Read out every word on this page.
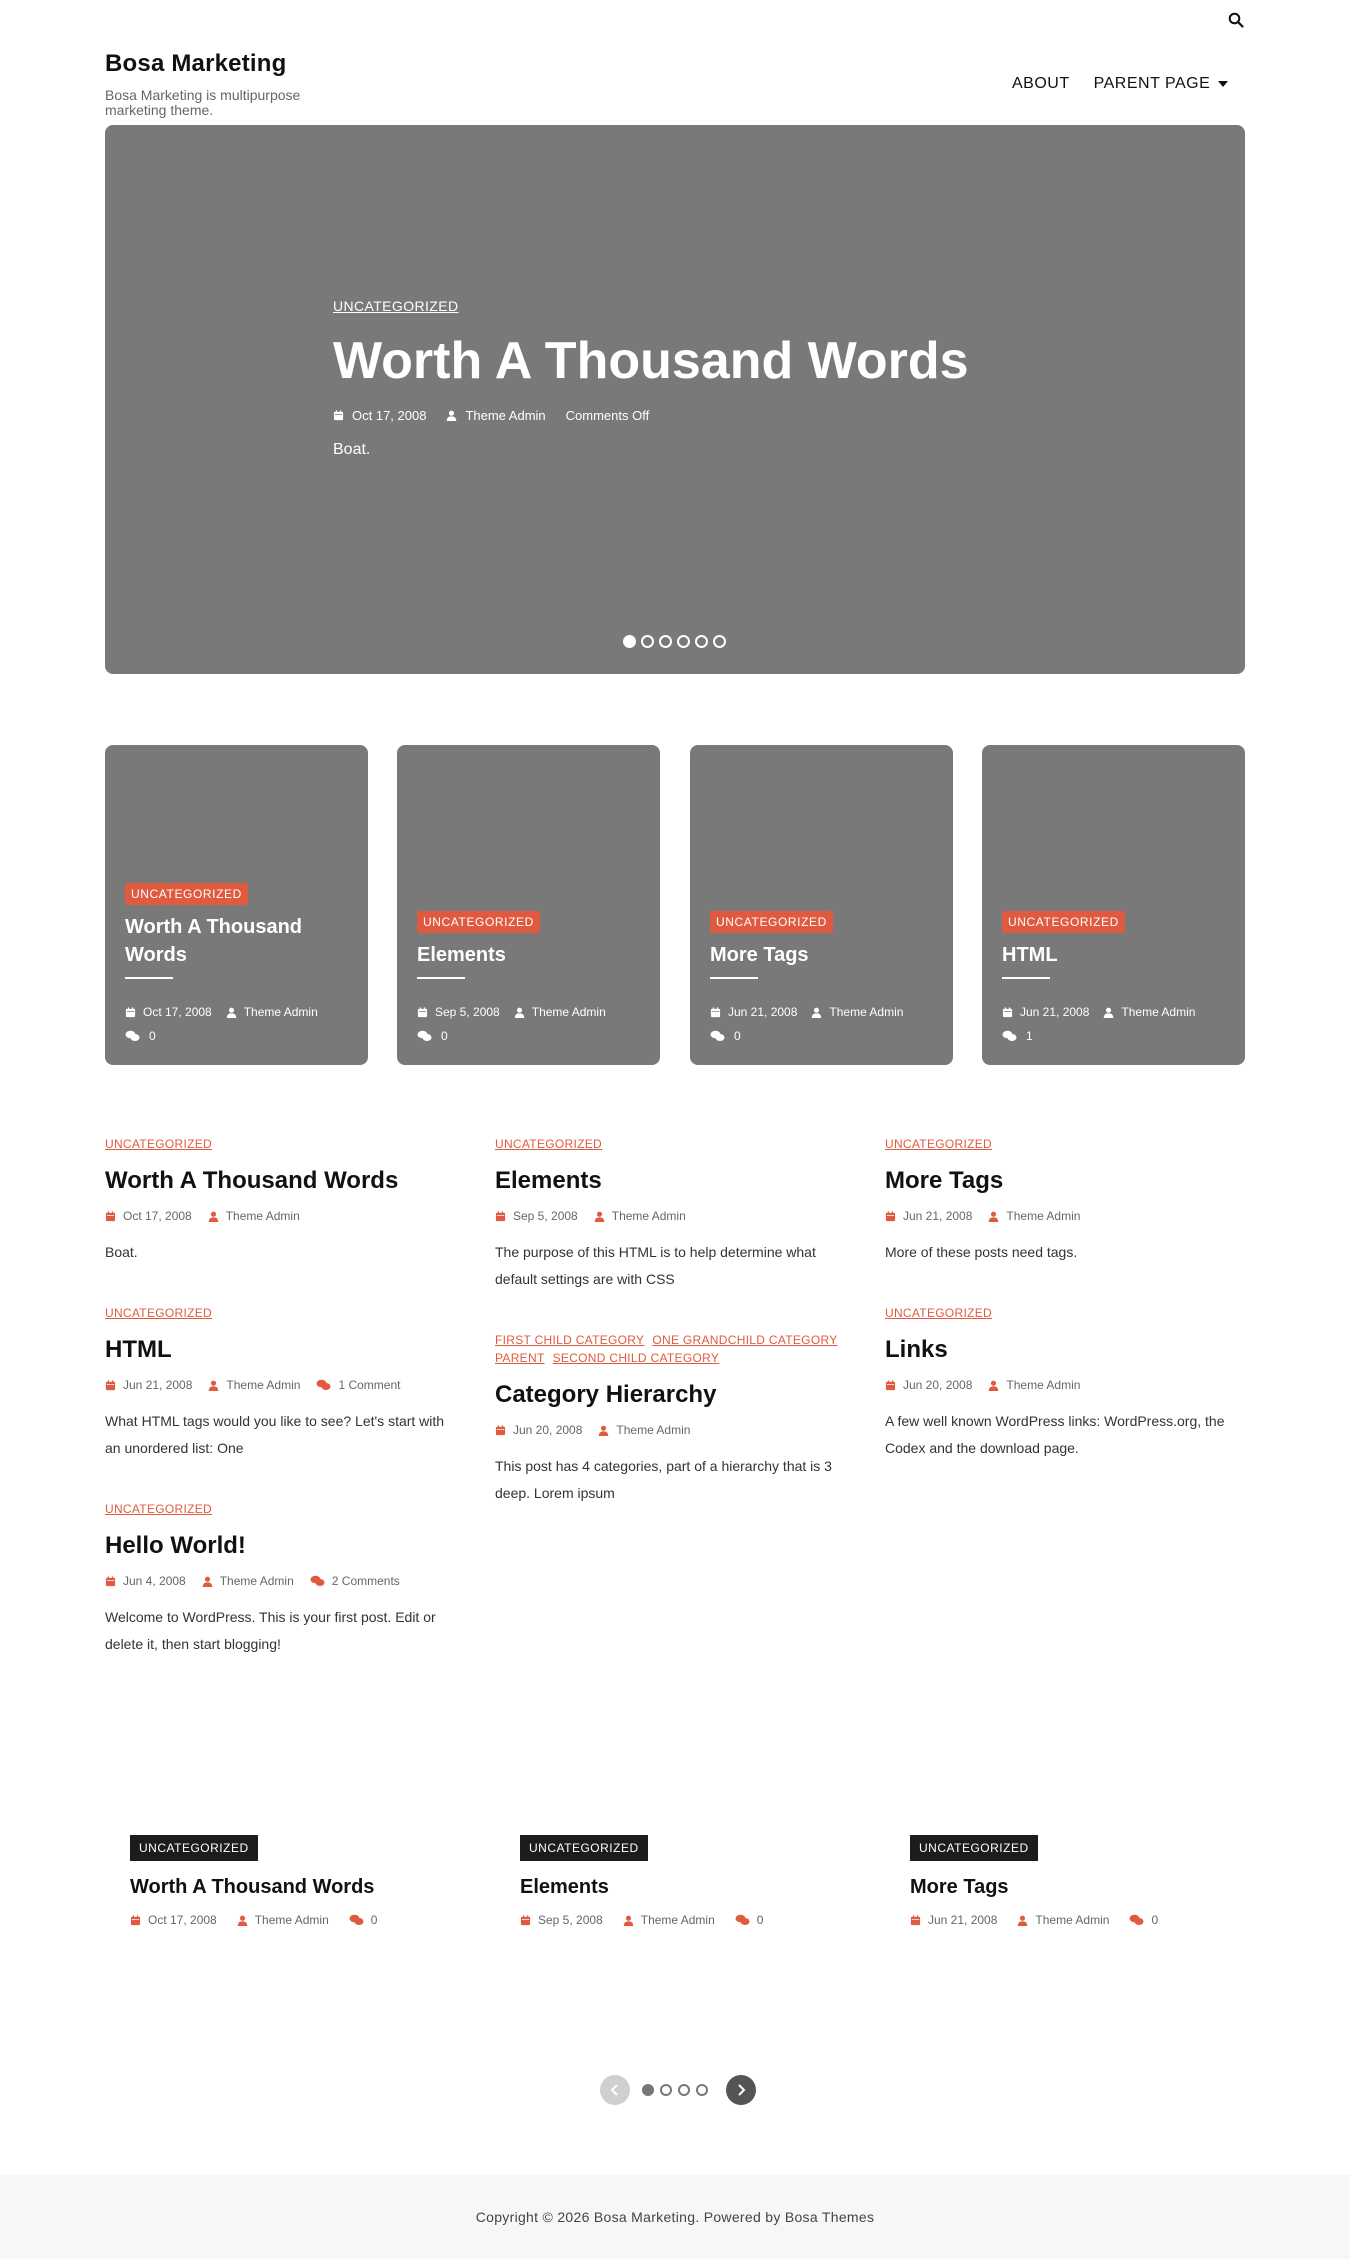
Bosa Marketing
Bosa Marketing is multipurpose marketing theme.
ABOUT PARENT PAGE
UNCATEGORIZED
Worth A Thousand Words
Oct 17, 2008	Theme Admin Comments Off
Boat.
UNCATEGORIZED
Worth A Thousand Words
Oct 17, 2008	Theme Admin
0
UNCATEGORIZED
Elements
Sep 5, 2008	Theme Admin
0
UNCATEGORIZED
More Tags
Jun 21, 2008	Theme Admin
0
UNCATEGORIZED
HTML
Jun 21, 2008	Theme Admin
1
UNCATEGORIZED
Worth A Thousand Words
Oct 17, 2008	Theme Admin
Boat.
UNCATEGORIZED
HTML
Jun 21, 2008	Theme Admin	1 Comment
What HTML tags would you like to see? Let's start with an unordered list: One
UNCATEGORIZED
Hello World!
Jun 4, 2008	Theme Admin	2 Comments
Welcome to WordPress. This is your first post. Edit or delete it, then start blogging!
UNCATEGORIZED
Elements
Sep 5, 2008	Theme Admin
The purpose of this HTML is to help determine what default settings are with CSS
FIRST CHILD CATEGORY ONE GRANDCHILD CATEGORY
PARENT SECOND CHILD CATEGORY
Category Hierarchy
Jun 20, 2008	Theme Admin
This post has 4 categories, part of a hierarchy that is 3 deep. Lorem ipsum
UNCATEGORIZED
More Tags
Jun 21, 2008	Theme Admin
More of these posts need tags.
UNCATEGORIZED
Links
Jun 20, 2008	Theme Admin
A few well known WordPress links: WordPress.org, the Codex and the download page.
UNCATEGORIZED
Worth A Thousand Words
Oct 17, 2008	Theme Admin	0
UNCATEGORIZED
Elements
Sep 5, 2008	Theme Admin	0
UNCATEGORIZED
More Tags
Jun 21, 2008	Theme Admin	0
Copyright © 2026 Bosa Marketing. Powered by Bosa Themes
